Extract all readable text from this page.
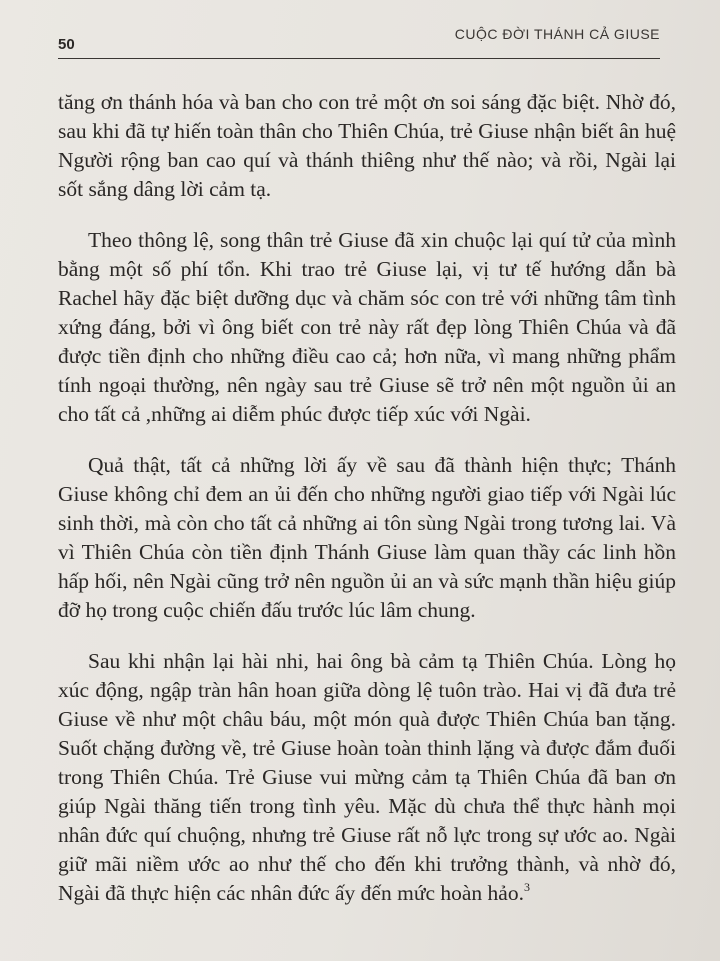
50
CUỘC ĐỜI THÁNH CẢ GIUSE

tăng ơn thánh hóa và ban cho con trẻ một ơn soi sáng đặc biệt. Nhờ đó, sau khi đã tự hiến toàn thân cho Thiên Chúa, trẻ Giuse nhận biết ân huệ Người rộng ban cao quí và thánh thiêng như thế nào; và rồi, Ngài lại sốt sắng dâng lời cảm tạ.

Theo thông lệ, song thân trẻ Giuse đã xin chuộc lại quí tử của mình bằng một số phí tổn. Khi trao trẻ Giuse lại, vị tư tế hướng dẫn bà Rachel hãy đặc biệt dưỡng dục và chăm sóc con trẻ với những tâm tình xứng đáng, bởi vì ông biết con trẻ này rất đẹp lòng Thiên Chúa và đã được tiền định cho những điều cao cả; hơn nữa, vì mang những phẩm tính ngoại thường, nên ngày sau trẻ Giuse sẽ trở nên một nguồn ủi an cho tất cả ,những ai diễm phúc được tiếp xúc với Ngài.

Quả thật, tất cả những lời ấy về sau đã thành hiện thực; Thánh Giuse không chỉ đem an ủi đến cho những người giao tiếp với Ngài lúc sinh thời, mà còn cho tất cả những ai tôn sùng Ngài trong tương lai. Và vì Thiên Chúa còn tiền định Thánh Giuse làm quan thầy các linh hồn hấp hối, nên Ngài cũng trở nên nguồn ủi an và sức mạnh thần hiệu giúp đỡ họ trong cuộc chiến đấu trước lúc lâm chung.

Sau khi nhận lại hài nhi, hai ông bà cảm tạ Thiên Chúa. Lòng họ xúc động, ngập tràn hân hoan giữa dòng lệ tuôn trào. Hai vị đã đưa trẻ Giuse về như một châu báu, một món quà được Thiên Chúa ban tặng. Suốt chặng đường về, trẻ Giuse hoàn toàn thinh lặng và được đắm đuối trong Thiên Chúa. Trẻ Giuse vui mừng cảm tạ Thiên Chúa đã ban ơn giúp Ngài thăng tiến trong tình yêu. Mặc dù chưa thể thực hành mọi nhân đức quí chuộng, nhưng trẻ Giuse rất nỗ lực trong sự ước ao. Ngài giữ mãi niềm ước ao như thế cho đến khi trưởng thành, và nhờ đó, Ngài đã thực hiện các nhân đức ấy đến mức hoàn hảo.$^3$
